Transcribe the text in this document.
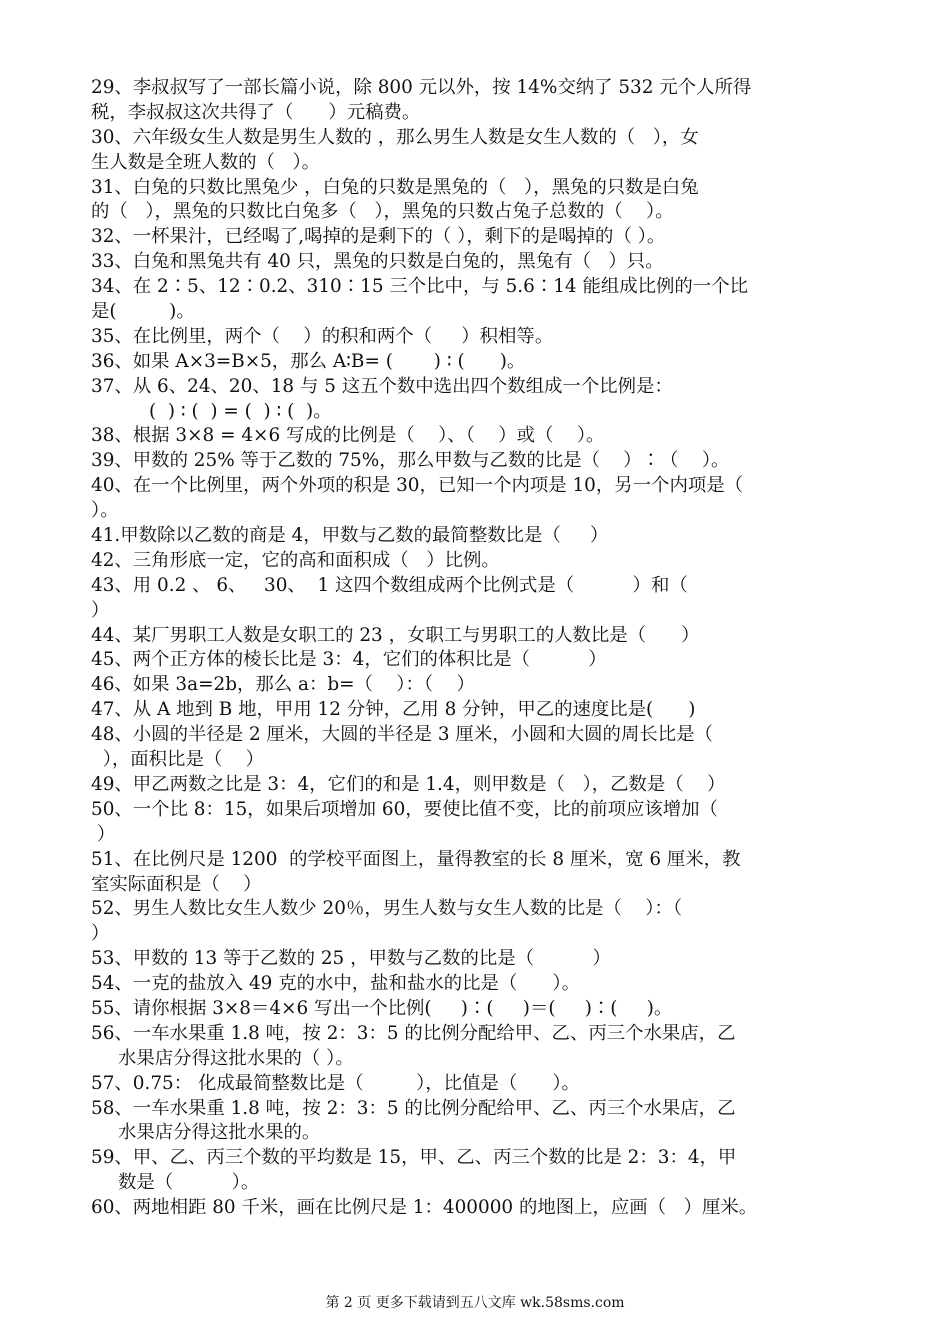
29、李叔叔写了一部长篇小说，除 800 元以外，按 14%交纳了 532 元个人所得
税，李叔叔这次共得了（      ）元稿费。
30、六年级女生人数是男生人数的 ，那么男生人数是女生人数的（   ），女
生人数是全班人数的（   ）。
31、白兔的只数比黑兔少 ，白兔的只数是黑兔的（   ），黑兔的只数是白兔
的（   ），黑兔的只数比白兔多（   ），黑兔的只数占兔子总数的（    ）。
32、一杯果汁，已经喝了,喝掉的是剩下的（ ），剩下的是喝掉的（ ）。
33、白兔和黑兔共有 40 只，黑兔的只数是白兔的，黑兔有（   ）只。
34、在 2∶5、12∶0.2、310∶15 三个比中，与 5.6∶14 能组成比例的一个比
是(         )。
35、在比例里，两个（    ）的积和两个（     ）积相等。
36、如果 A×3=B×5，那么 A∶B= (       ) ∶ (      )。
37、从 6、24、20、18 与 5 这五个数中选出四个数组成一个比例是：
(  ) ∶ (  ) = (  ) ∶ (  )。
38、根据 3×8 = 4×6 写成的比例是（    ）、（    ）或（    ）。
39、甲数的 25% 等于乙数的 75%，那么甲数与乙数的比是（    ）∶（    ）。
40、在一个比例里，两个外项的积是 30，已知一个内项是 10，另一个内项是（
）。
41.甲数除以乙数的商是 4，甲数与乙数的最简整数比是（     ）
42、三角形底一定，它的高和面积成（   ）比例。
43、用 0.2 、 6、   30、  1 这四个数组成两个比例式是（          ）和（
）
44、某厂男职工人数是女职工的 23 ，女职工与男职工的人数比是（      ）
45、两个正方体的棱长比是 3：4，它们的体积比是（          ）
46、如果 3a=2b，那么 a：b=（    ）：（    ）
47、从 A 地到 B 地，甲用 12 分钟，乙用 8 分钟，甲乙的速度比是(      )
48、小圆的半径是 2 厘米，大圆的半径是 3 厘米，小圆和大圆的周长比是（
），面积比是（    ）
49、甲乙两数之比是 3：4，它们的和是 1.4，则甲数是（   ），乙数是（    ）
50、一个比 8：15，如果后项增加 60，要使比值不变，比的前项应该增加（
）
51、在比例尺是 1200  的学校平面图上，量得教室的长 8 厘米，宽 6 厘米，教
室实际面积是（    ）
52、男生人数比女生人数少 20％，男生人数与女生人数的比是（    ）：（
）
53、甲数的 13 等于乙数的 25 ，甲数与乙数的比是（          ）
54、一克的盐放入 49 克的水中，盐和盐水的比是（      ）。
55、请你根据 3×8＝4×6 写出一个比例(     )∶(     )＝(     )∶(     )。
56、一车水果重 1.8 吨，按 2：3：5 的比例分配给甲、乙、丙三个水果店，乙
水果店分得这批水果的（ ）。
57、0.75： 化成最简整数比是（         ），比值是（      ）。
58、一车水果重 1.8 吨，按 2：3：5 的比例分配给甲、乙、丙三个水果店，乙
水果店分得这批水果的。
59、甲、乙、丙三个数的平均数是 15，甲、乙、丙三个数的比是 2：3：4，甲
数是（          ）。
60、两地相距 80 千米，画在比例尺是 1：400000 的地图上，应画（   ）厘米。
第 2 页 更多下载请到五八文库 wk.58sms.com
